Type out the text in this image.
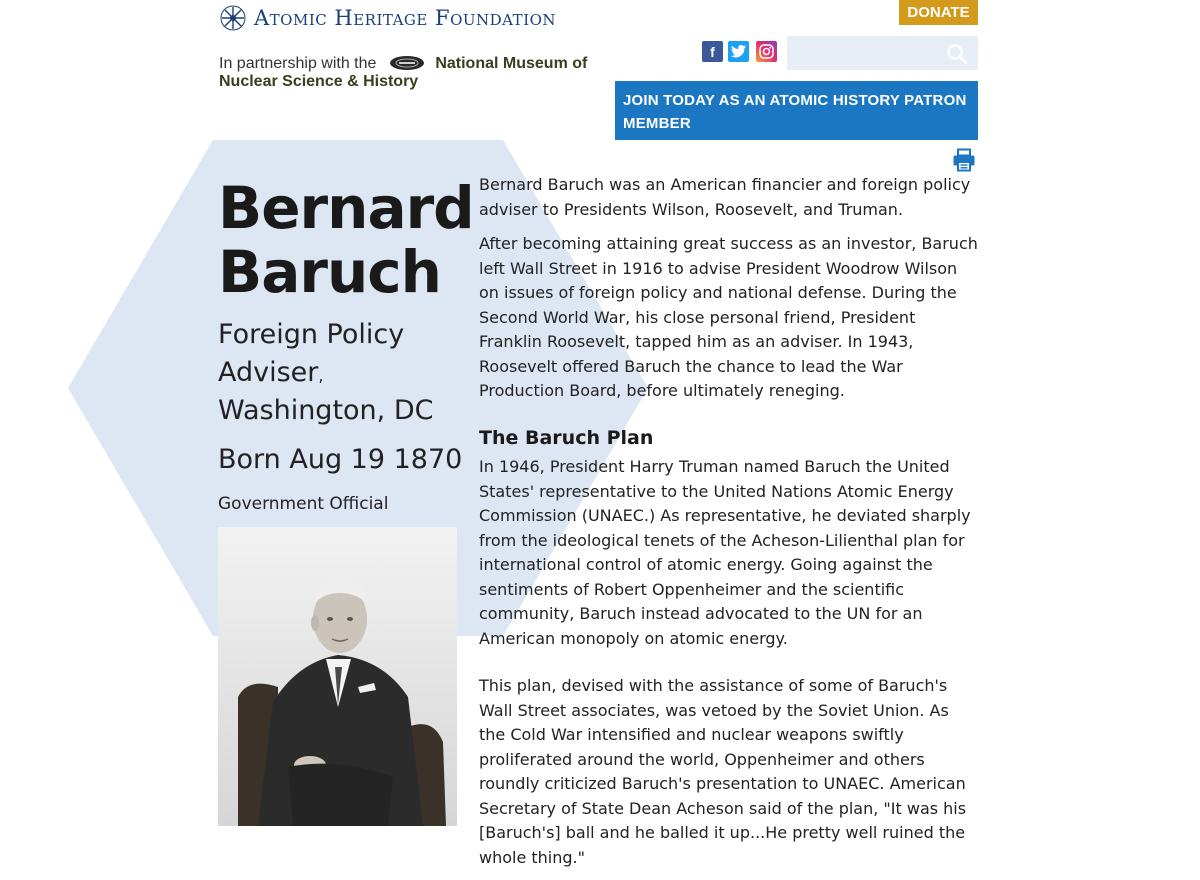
Atomic Heritage Foundation	DONATE
In partnership with the	National Museum of
Nuclear Science & History
f
JOIN TODAY AS AN ATOMIC HISTORY PATRON MEMBER
Bernard
Baruch
Foreign Policy Adviser,
Washington, DC
Born Aug 19 1870
Government Official

Bernard Baruch was an American financier and foreign policy adviser to Presidents Wilson, Roosevelt, and Truman.

After becoming attaining great success as an investor, Baruch left Wall Street in 1916 to advise President Woodrow Wilson on issues of foreign policy and national defense. During the Second World War, his close personal friend, President Franklin Roosevelt, tapped him as an adviser. In 1943, Roosevelt offered Baruch the chance to lead the War Production Board, before ultimately reneging.

The Baruch Plan

In 1946, President Harry Truman named Baruch the United States' representative to the United Nations Atomic Energy Commission (UNAEC.) As representative, he deviated sharply from the ideological tenets of the Acheson-Lilienthal plan for international control of atomic energy. Going against the sentiments of Robert Oppenheimer and the scientific community, Baruch instead advocated to the UN for an American monopoly on atomic energy.

This plan, devised with the assistance of some of Baruch's Wall Street associates, was vetoed by the Soviet Union. As the Cold War intensified and nuclear weapons swiftly proliferated around the world, Oppenheimer and others roundly criticized Baruch's presentation to UNAEC. American Secretary of State Dean Acheson said of the plan, "It was his [Baruch's] ball and he balled it up...He pretty well ruined the whole thing."
